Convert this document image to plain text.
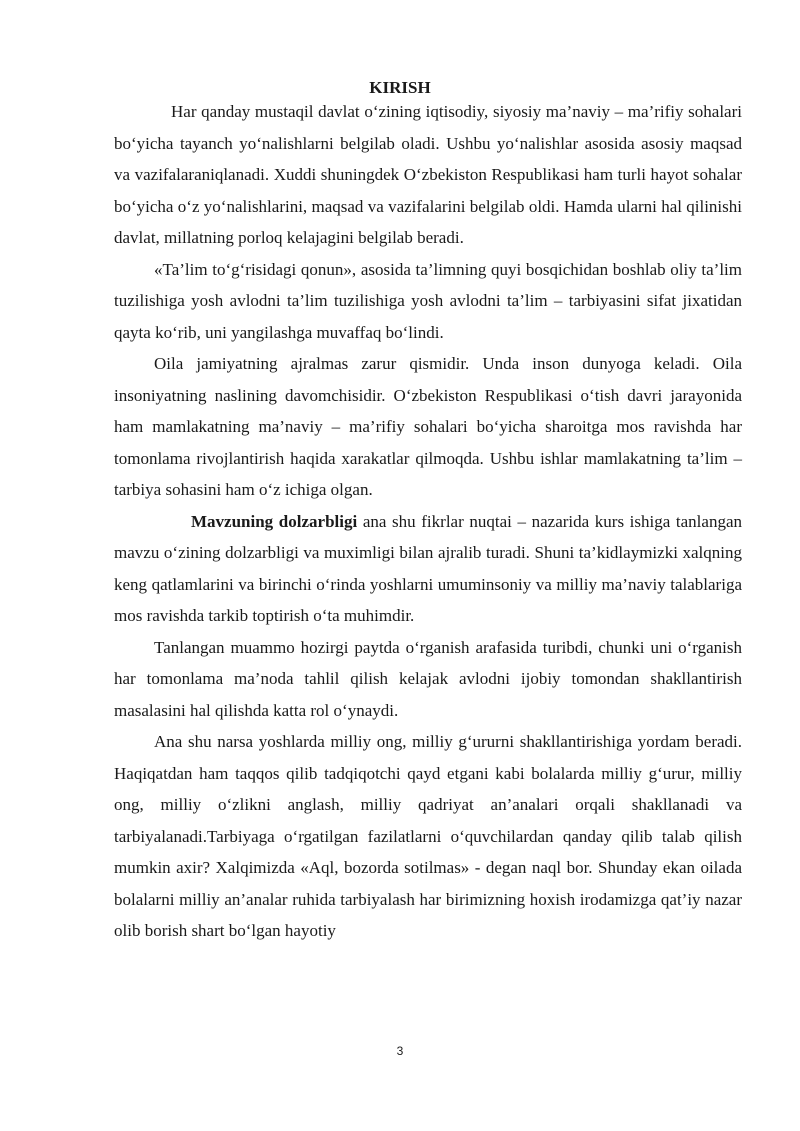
KIRISH

Har qanday mustaqil davlat o‘zining iqtisodiy, siyosiy ma’naviy – ma’rifiy sohalari bo‘yicha tayanch yo‘nalishlarni belgilab oladi. Ushbu yo‘nalishlar asosida asosiy maqsad va vazifalaraniqlanadi. Xuddi shuningdek O‘zbekiston Respublikasi ham turli hayot sohalar bo‘yicha o‘z yo‘nalishlarini, maqsad va vazifalarini belgilab oldi. Hamda ularni hal qilinishi davlat, millatning porloq kelajagini belgilab beradi.

«Ta’lim to‘g‘risidagi qonun», asosida ta’limning quyi bosqichidan boshlab oliy ta’lim tuzilishiga yosh avlodni ta’lim tuzilishiga yosh avlodni ta’lim – tarbiyasini sifat jixatidan qayta ko‘rib, uni yangilashga muvaffaq bo‘lindi.

Oila jamiyatning ajralmas zarur qismidir. Unda inson dunyoga keladi. Oila insoniyatning naslining davomchisidir. O‘zbekiston Respublikasi o‘tish davri jarayonida ham mamlakatning ma’naviy – ma’rifiy sohalari bo‘yicha sharoitga mos ravishda har tomonlama rivojlantirish haqida xarakatlar qilmoqda. Ushbu ishlar mamlakatning ta’lim – tarbiya sohasini ham o‘z ichiga olgan.

Mavzuning dolzarbligi ana shu fikrlar nuqtai – nazarida kurs ishiga tanlangan mavzu o‘zining dolzarbligi va muximligi bilan ajralib turadi. Shuni ta’kidlaymizki xalqning keng qatlamlarini va birinchi o‘rinda yoshlarni umuminsoniy va milliy ma’naviy talablariga mos ravishda tarkib toptirish o‘ta muhimdir.

Tanlangan muammo hozirgi paytda o‘rganish arafasida turibdi, chunki uni o‘rganish har tomonlama ma’noda tahlil qilish kelajak avlodni ijobiy tomondan shakllantirish masalasini hal qilishda katta rol o‘ynaydi.

Ana shu narsa yoshlarda milliy ong, milliy g‘ururni shakllantirishiga yordam beradi. Haqiqatdan ham taqqos qilib tadqiqotchi qayd etgani kabi bolalarda milliy g‘urur, milliy ong, milliy o‘zlikni anglash, milliy qadriyat an’analari orqali shakllanadi va tarbiyalanadi.Tarbiyaga o‘rgatilgan fazilatlarni o‘quvchilardan qanday qilib talab qilish mumkin axir? Xalqimizda «Aql, bozorda sotilmas» - degan naql bor. Shunday ekan oilada bolalarni milliy an’analar ruhida tarbiyalash har birimizning hoxish irodamizga qat’iy nazar olib borish shart bo‘lgan hayotiy

3
